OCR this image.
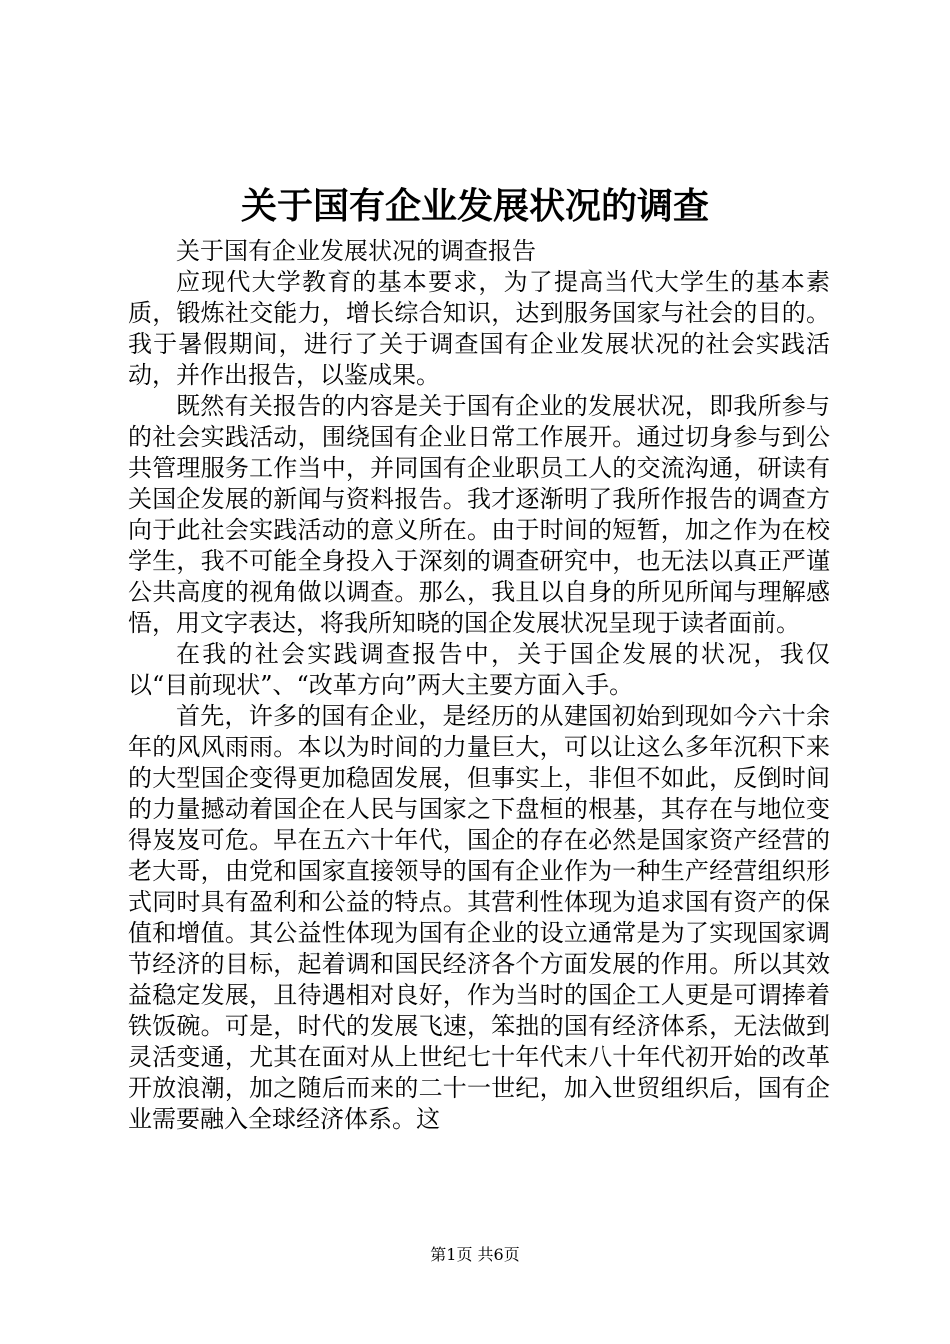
关于国有企业发展状况的调查

关于国有企业发展状况的调查报告

应现代大学教育的基本要求，为了提高当代大学生的基本素质，锻炼社交能力，增长综合知识，达到服务国家与社会的目的。我于暑假期间，进行了关于调查国有企业发展状况的社会实践活动，并作出报告，以鉴成果。

既然有关报告的内容是关于国有企业的发展状况，即我所参与的社会实践活动，围绕国有企业日常工作展开。通过切身参与到公共管理服务工作当中，并同国有企业职员工人的交流沟通，研读有关国企发展的新闻与资料报告。我才逐渐明了我所作报告的调查方向于此社会实践活动的意义所在。由于时间的短暂，加之作为在校学生，我不可能全身投入于深刻的调查研究中，也无法以真正严谨公共高度的视角做以调查。那么，我且以自身的所见所闻与理解感悟，用文字表达，将我所知晓的国企发展状况呈现于读者面前。

在我的社会实践调查报告中，关于国企发展的状况，我仅以“目前现状”、“改革方向”两大主要方面入手。

首先，许多的国有企业，是经历的从建国初始到现如今六十余年的风风雨雨。本以为时间的力量巨大，可以让这么多年沉积下来的大型国企变得更加稳固发展，但事实上，非但不如此，反倒时间的力量撼动着国企在人民与国家之下盘桓的根基，其存在与地位变得岌岌可危。早在五六十年代，国企的存在必然是国家资产经营的老大哥，由党和国家直接领导的国有企业作为一种生产经营组织形式同时具有盈利和公益的特点。其营利性体现为追求国有资产的保值和增值。其公益性体现为国有企业的设立通常是为了实现国家调节经济的目标，起着调和国民经济各个方面发展的作用。所以其效益稳定发展，且待遇相对良好，作为当时的国企工人更是可谓捧着铁饭碗。可是，时代的发展飞速，笨拙的国有经济体系，无法做到灵活变通，尤其在面对从上世纪七十年代末八十年代初开始的改革开放浪潮，加之随后而来的二十一世纪，加入世贸组织后，国有企业需要融入全球经济体系。这

第1页 共6页
